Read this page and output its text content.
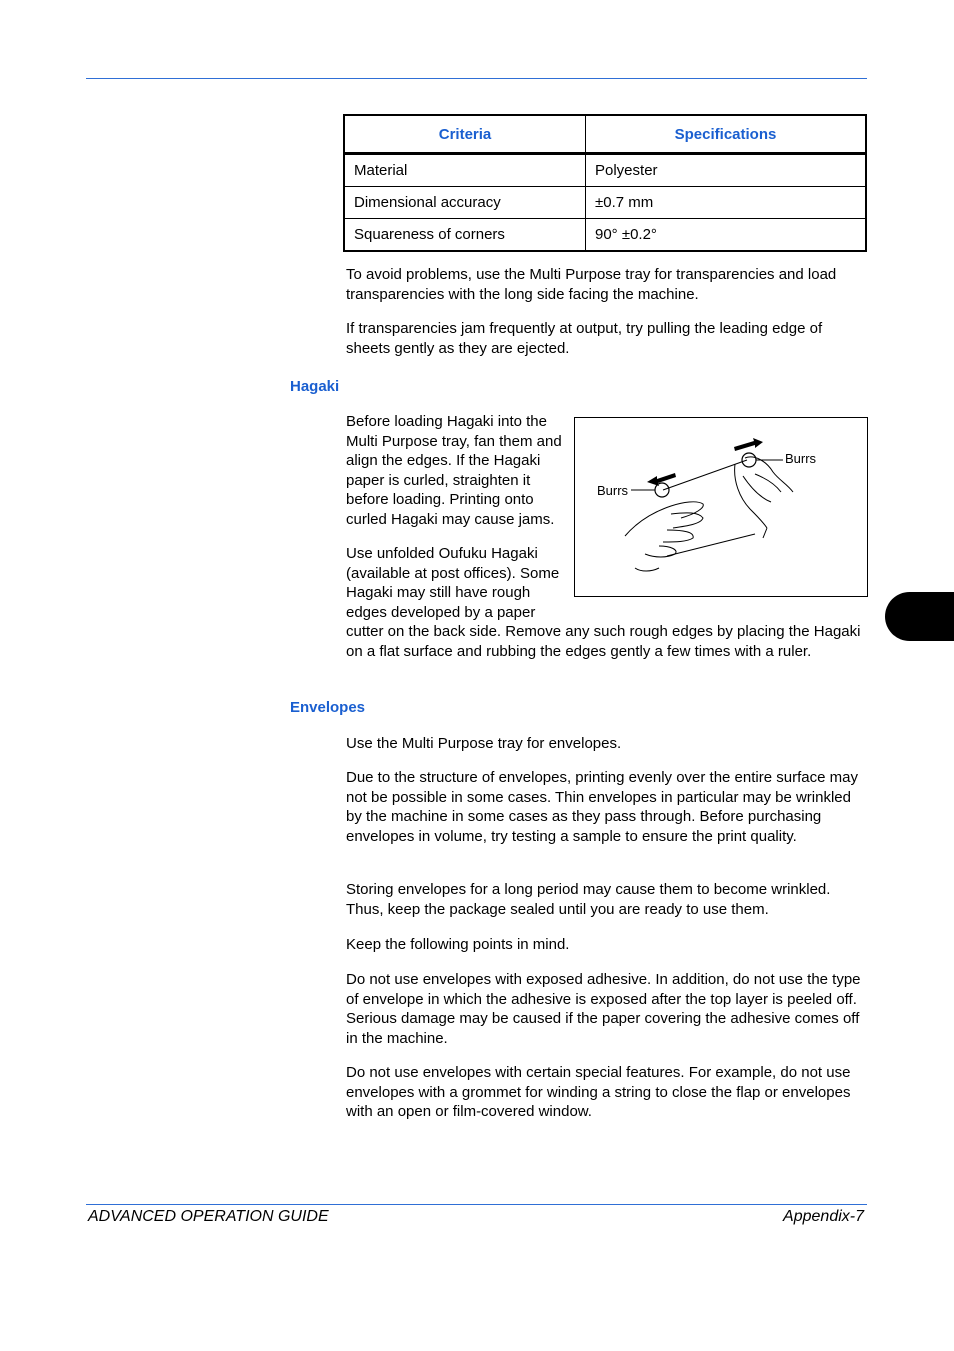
Criteria	Specifications
Material	Polyester
Dimensional accuracy	±0.7 mm
Squareness of corners	90° ±0.2°
To avoid problems, use the Multi Purpose tray for transparencies and load transparencies with the long side facing the machine.
If transparencies jam frequently at output, try pulling the leading edge of sheets gently as they are ejected.
Hagaki
Burrs
Burrs

Before loading Hagaki into the Multi Purpose tray, fan them and align the edges. If the Hagaki paper is curled, straighten it before loading. Printing onto curled Hagaki may cause jams.

Use unfolded Oufuku Hagaki (available at post offices). Some Hagaki may still have rough edges developed by a paper cutter on the back side. Remove any such rough edges by placing the Hagaki on a flat surface and rubbing the edges gently a few times with a ruler.

Envelopes
Use the Multi Purpose tray for envelopes.
Due to the structure of envelopes, printing evenly over the entire surface may not be possible in some cases. Thin envelopes in particular may be wrinkled by the machine in some cases as they pass through. Before purchasing envelopes in volume, try testing a sample to ensure the print quality.
Storing envelopes for a long period may cause them to become wrinkled. Thus, keep the package sealed until you are ready to use them.
Keep the following points in mind.
Do not use envelopes with exposed adhesive. In addition, do not use the type of envelope in which the adhesive is exposed after the top layer is peeled off. Serious damage may be caused if the paper covering the adhesive comes off in the machine.
Do not use envelopes with certain special features. For example, do not use envelopes with a grommet for winding a string to close the flap or envelopes with an open or film-covered window.
ADVANCED OPERATION GUIDE	Appendix-7
